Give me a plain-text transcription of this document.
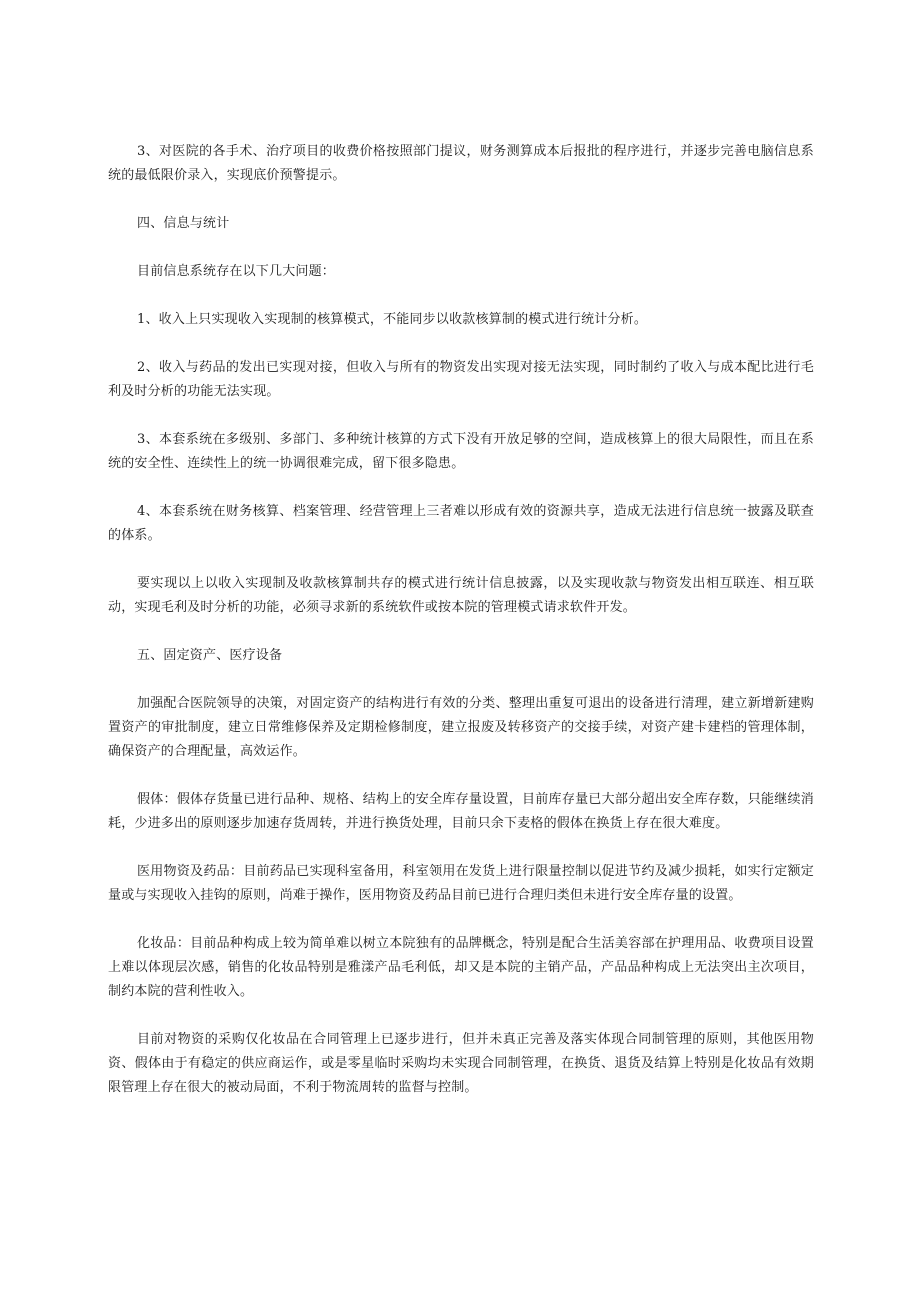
3、对医院的各手术、治疗项目的收费价格按照部门提议，财务测算成本后报批的程序进行，并逐步完善电脑信息系统的最低限价录入，实现底价预警提示。

四、信息与统计

目前信息系统存在以下几大问题：

1、收入上只实现收入实现制的核算模式，不能同步以收款核算制的模式进行统计分析。

2、收入与药品的发出已实现对接，但收入与所有的物资发出实现对接无法实现，同时制约了收入与成本配比进行毛利及时分析的功能无法实现。

3、本套系统在多级别、多部门、多种统计核算的方式下没有开放足够的空间，造成核算上的很大局限性，而且在系统的安全性、连续性上的统一协调很难完成，留下很多隐患。

4、本套系统在财务核算、档案管理、经营管理上三者难以形成有效的资源共享，造成无法进行信息统一披露及联查的体系。

要实现以上以收入实现制及收款核算制共存的模式进行统计信息披露，以及实现收款与物资发出相互联连、相互联动，实现毛利及时分析的功能，必须寻求新的系统软件或按本院的管理模式请求软件开发。

五、固定资产、医疗设备

加强配合医院领导的决策，对固定资产的结构进行有效的分类、整理出重复可退出的设备进行清理，建立新增新建购置资产的审批制度，建立日常维修保养及定期检修制度，建立报废及转移资产的交接手续，对资产建卡建档的管理体制，确保资产的合理配量，高效运作。

假体：假体存货量已进行品种、规格、结构上的安全库存量设置，目前库存量已大部分超出安全库存数，只能继续消耗，少进多出的原则逐步加速存货周转，并进行换货处理，目前只余下麦格的假体在换货上存在很大难度。

医用物资及药品：目前药品已实现科室备用，科室领用在发货上进行限量控制以促进节约及减少损耗，如实行定额定量或与实现收入挂钩的原则，尚难于操作，医用物资及药品目前已进行合理归类但未进行安全库存量的设置。

化妆品：目前品种构成上较为简单难以树立本院独有的品牌概念，特别是配合生活美容部在护理用品、收费项目设置上难以体现层次感，销售的化妆品特别是雅漾产品毛利低，却又是本院的主销产品，产品品种构成上无法突出主次项目，制约本院的营利性收入。

目前对物资的采购仅化妆品在合同管理上已逐步进行，但并未真正完善及落实体现合同制管理的原则，其他医用物资、假体由于有稳定的供应商运作，或是零星临时采购均未实现合同制管理，在换货、退货及结算上特别是化妆品有效期限管理上存在很大的被动局面，不利于物流周转的监督与控制。
